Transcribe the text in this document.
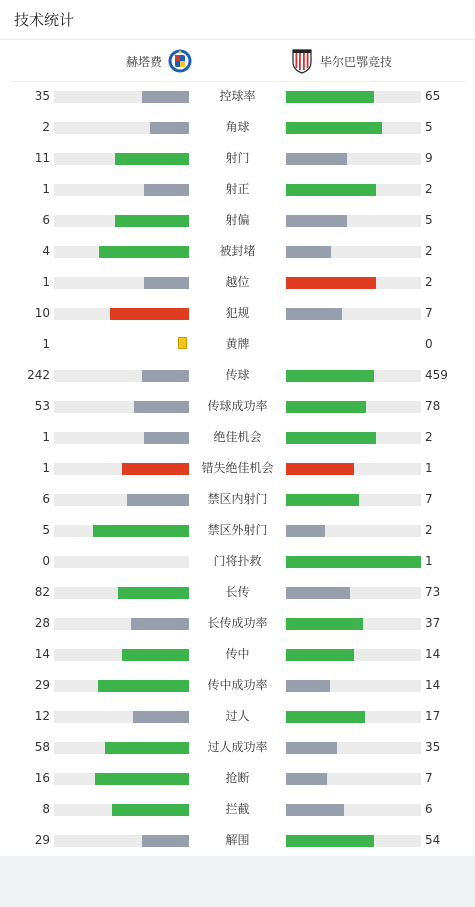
技术统计
赫塔费	毕尔巴鄂竞技
35	控球率	65
2	角球	5
11	射门	9
1	射正	2
6	射偏	5
4	被封堵	2
1	越位	2
10	犯规	7
1	黄牌	0
242	传球	459
53	传球成功率	78
1	绝佳机会	2
1	错失绝佳机会	1
6	禁区内射门	7
5	禁区外射门	2
0	门将扑救	1
82	长传	73
28	长传成功率	37
14	传中	14
29	传中成功率	14
12	过人	17
58	过人成功率	35
16	抢断	7
8	拦截	6
29	解围	54
